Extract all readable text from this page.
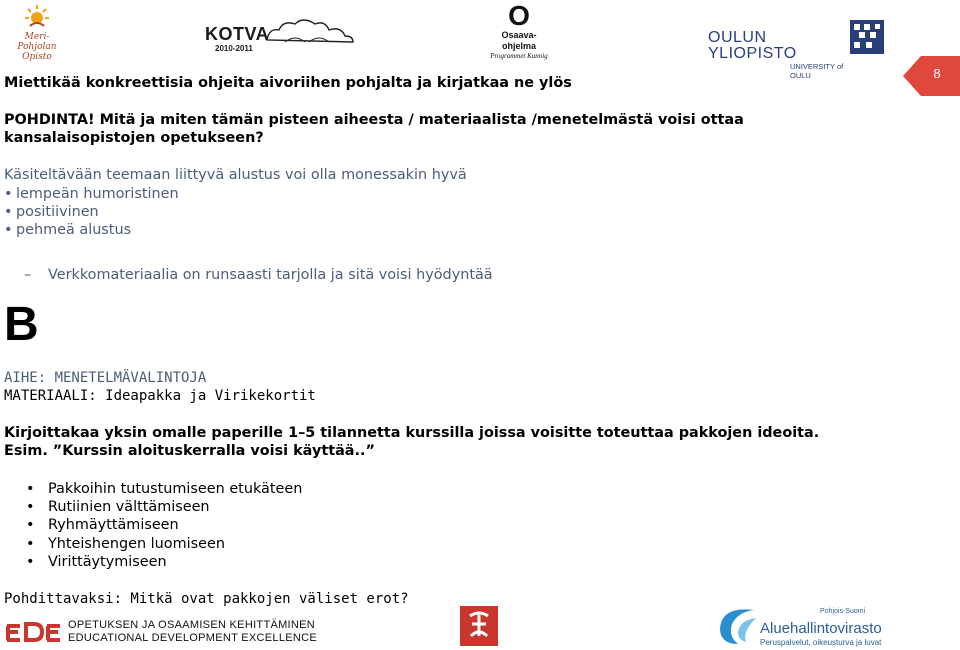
Meri-Pohjolan
Opisto
KOTVA
2010-2011
O
Osaava-ohjelma
Programmet Kunnig
OULUN YLIOPISTO
UNIVERSITY of OULU	8
Miettikää konkreettisia ohjeita aivoriihen pohjalta ja kirjatkaa ne ylös
POHDINTA! Mitä ja miten tämän pisteen aiheesta / materiaalista /menetelmästä voisi ottaa
kansalaisopistojen opetukseen?
Käsiteltävään teemaan liittyvä alustus voi olla monessakin hyvä
• lempeän humoristinen
• positiivinen
• pehmeä alustus
– Verkkomateriaalia on runsaasti tarjolla ja sitä voisi hyödyntää
B
AIHE: MENETELMÄVALINTOJA
MATERIAALI: Ideapakka ja Virikekortit
Kirjoittakaa yksin omalle paperille 1–5 tilannetta kurssilla joissa voisitte toteuttaa pakkojen ideoita.
Esim. ”Kurssin aloituskerralla voisi käyttää..”
• Pakkoihin tutustumiseen etukäteen
• Rutiinien välttämiseen
• Ryhmäyttämiseen
• Yhteishengen luomiseen
• Virittäytymiseen
Pohdittavaksi: Mitkä ovat pakkojen väliset erot?
OPETUKSEN JA OSAAMISEN KEHITTÄMINEN
EDUCATIONAL DEVELOPMENT EXCELLENCE
Pohjois-Suomi
Aluehallintovirasto
Peruspalvelut, oikeusturva ja luvat
